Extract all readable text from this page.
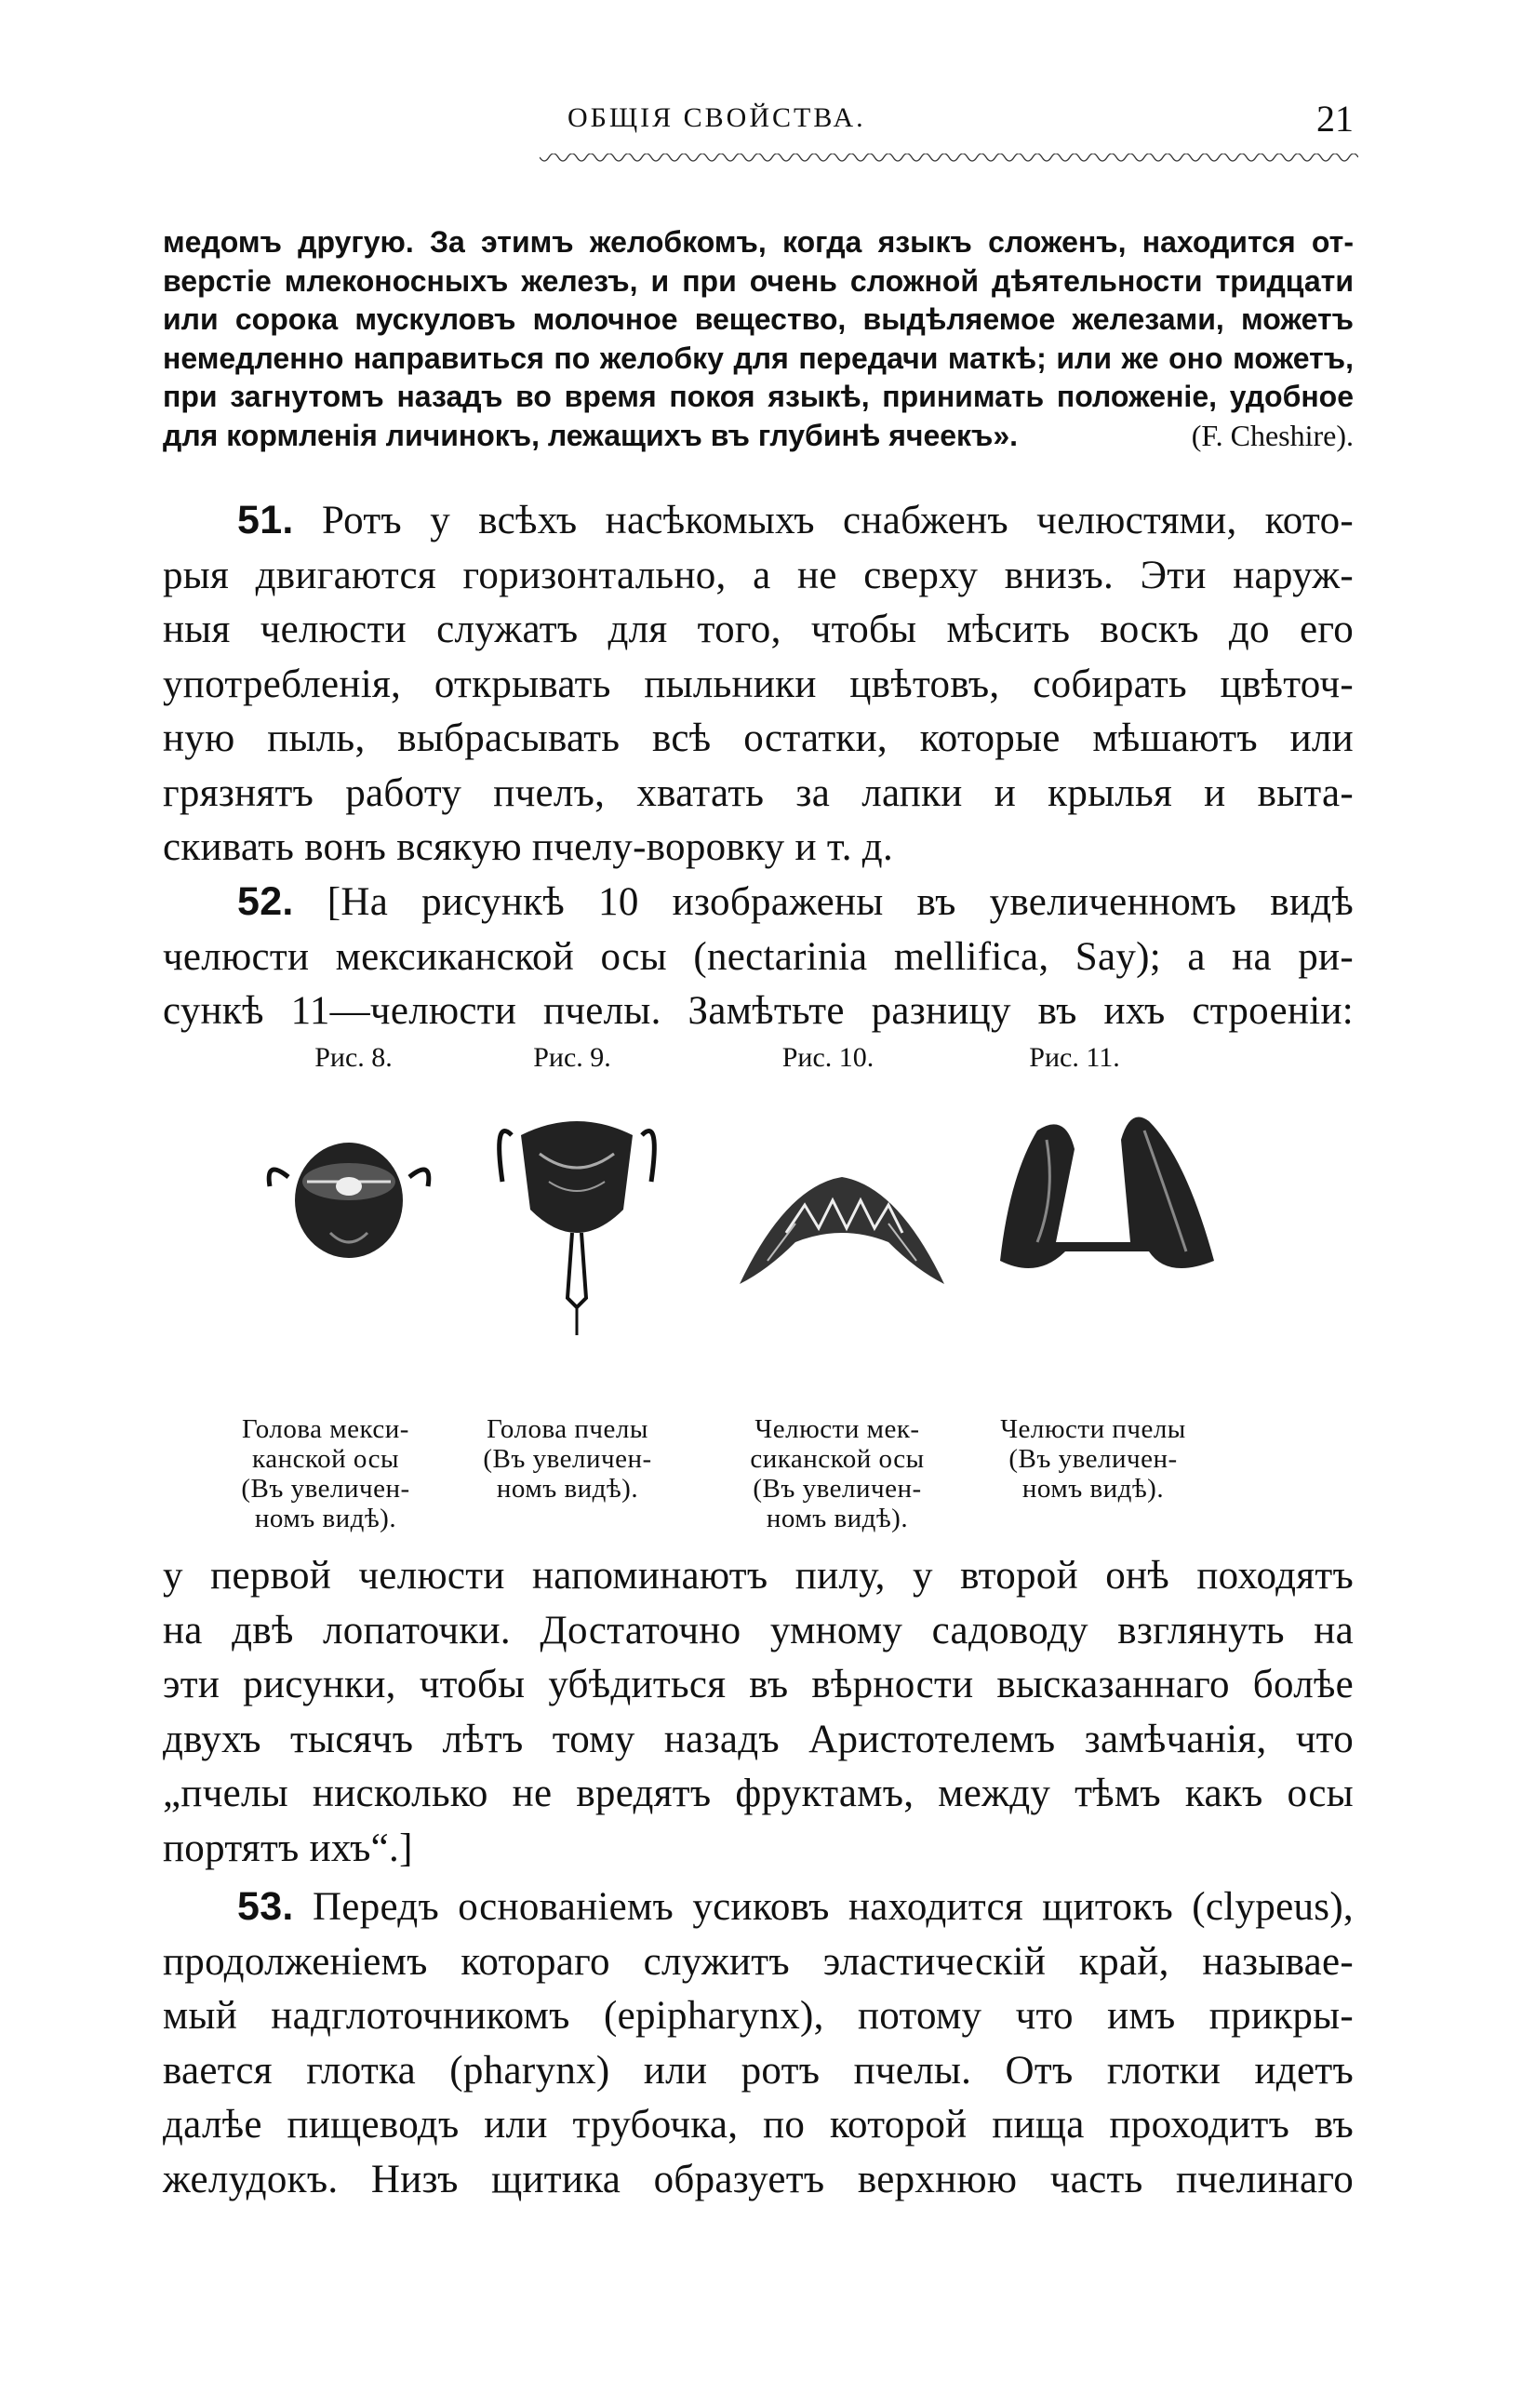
ОБЩІЯ СВОЙСТВА.	21
медомъ другую. За этимъ желобкомъ, когда языкъ сложенъ, находится от-
верстіе млеконосныхъ железъ, и при очень сложной дѣятельности тридцати
или сорока мускуловъ молочное вещество, выдѣляемое железами, можетъ
немедленно направиться по желобку для передачи маткѣ; или же оно можетъ,
при загнутомъ назадъ во время покоя языкѣ, принимать положеніе, удобное
для кормленія личинокъ, лежащихъ въ глубинѣ ячеекъ».	(F. Cheshire).
51. Ротъ у всѣхъ насѣкомыхъ снабженъ челюстями, кото-
рыя двигаются горизонтально, а не сверху внизъ. Эти наруж-
ныя челюсти служатъ для того, чтобы мѣсить воскъ до его
употребленія, открывать пыльники цвѣтовъ, собирать цвѣточ-
ную пыль, выбрасывать всѣ остатки, которые мѣшаютъ или
грязнятъ работу пчелъ, хватать за лапки и крылья и выта-
скивать вонъ всякую пчелу-воровку и т. д.
52. [На рисункѣ 10 изображены въ увеличенномъ видѣ
челюсти мексиканской осы (nectarinia mellifica, Say); а на ри-
сункѣ 11—челюсти пчелы. Замѣтьте разницу въ ихъ строеніи:
Рис. 8.
Голова мекси-
канской осы
(Въ увеличен-
номъ видѣ).
Рис. 9.
Голова пчелы
(Въ увеличен-
номъ видѣ).
Рис. 10.
Челюсти мек-
сиканской осы
(Въ увеличен-
номъ видѣ).
Рис. 11.
Челюсти пчелы
(Въ увеличен-
номъ видѣ).
у первой челюсти напоминаютъ пилу, у второй онѣ походятъ
на двѣ лопаточки. Достаточно умному садоводу взглянуть на
эти рисунки, чтобы убѣдиться въ вѣрности высказаннаго болѣе
двухъ тысячъ лѣтъ тому назадъ Аристотелемъ замѣчанія, что
„пчелы нисколько не вредятъ фруктамъ, между тѣмъ какъ осы
портятъ ихъ“.]
53. Передъ основаніемъ усиковъ находится щитокъ (clypeus),
продолженіемъ котораго служитъ эластическій край, называе-
мый надглоточникомъ (epipharynx), потому что имъ прикры-
вается глотка (pharynx) или ротъ пчелы. Отъ глотки идетъ
далѣе пищеводъ или трубочка, по которой пища проходитъ въ
желудокъ. Низъ щитика образуетъ верхнюю часть пчелинаго
